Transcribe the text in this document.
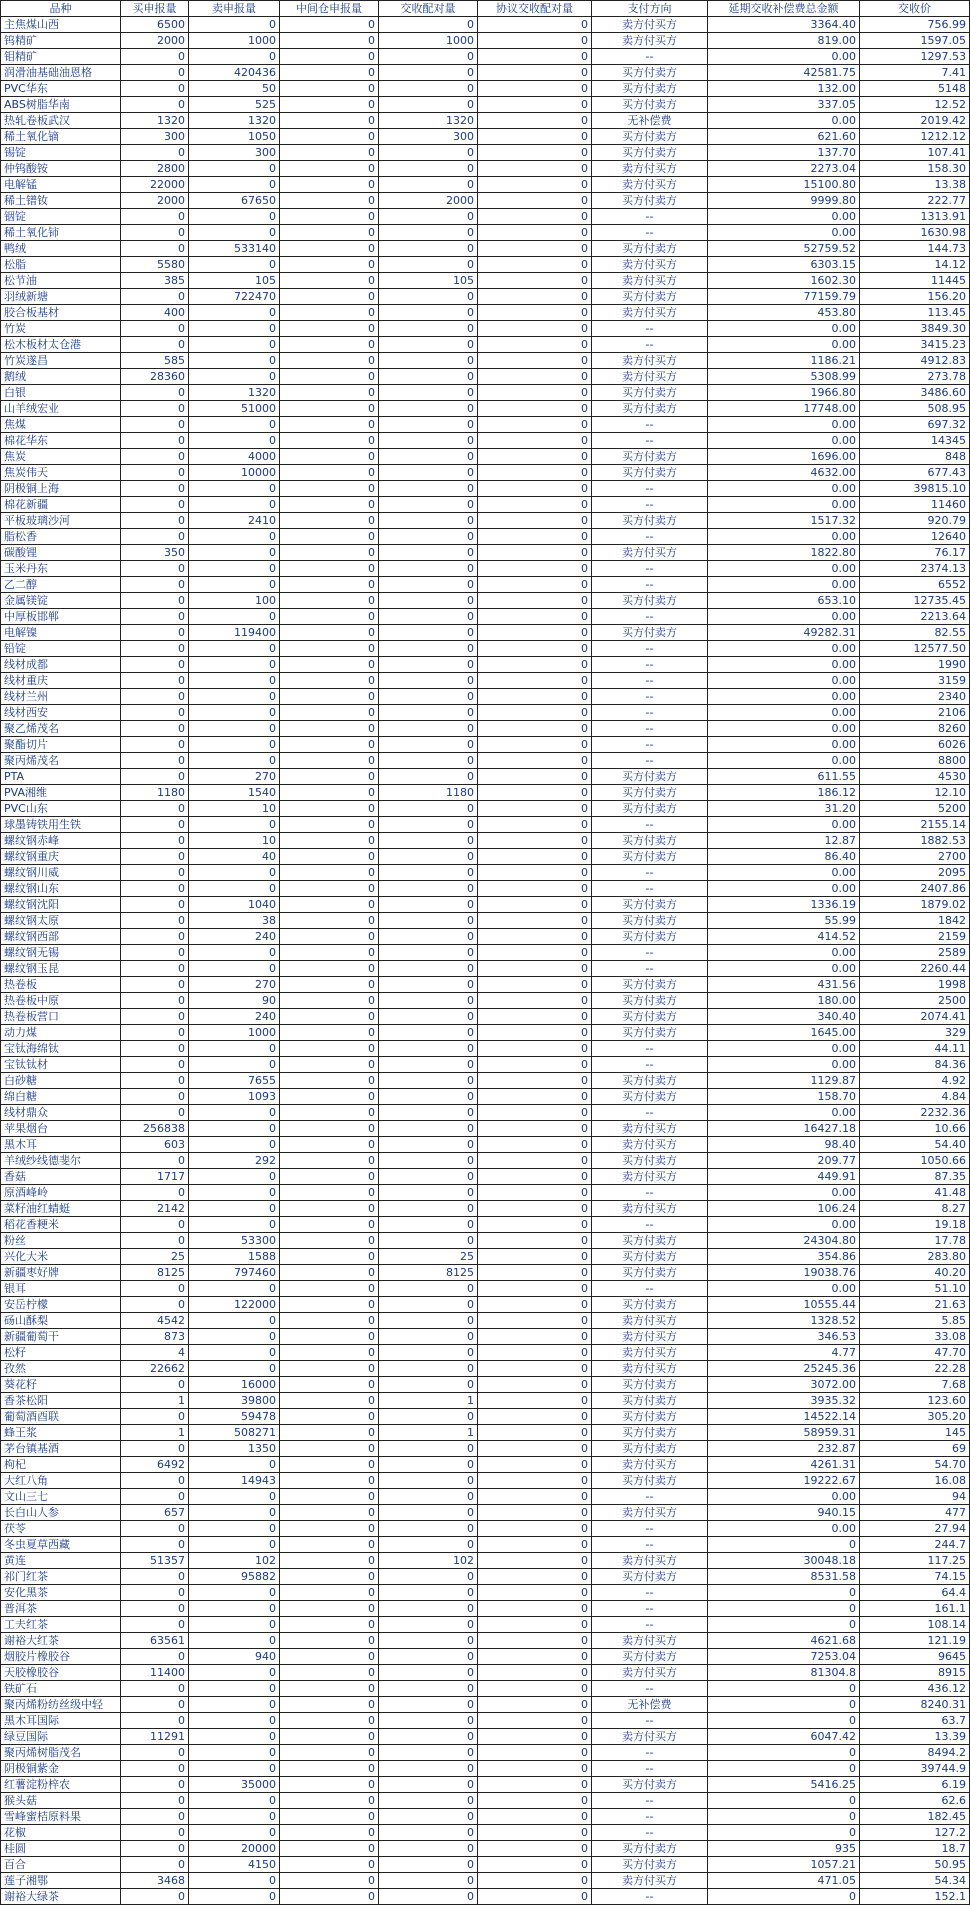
品种	买申报量	卖申报量	中间仓申报量	交收配对量	协议交收配对量	支付方向	延期交收补偿费总金额	交收价
主焦煤山西	6500	0	0	0	0	卖方付买方	3364.40	756.99
钨精矿	2000	1000	0	1000	0	卖方付买方	819.00	1597.05
钼精矿	0	0	0	0	0	--	0.00	1297.53
润滑油基础油恩格	0	420436	0	0	0	买方付卖方	42581.75	7.41
PVC华东	0	50	0	0	0	买方付卖方	132.00	5148
ABS树脂华南	0	525	0	0	0	买方付卖方	337.05	12.52
热轧卷板武汉	1320	1320	0	1320	0	无补偿费	0.00	2019.42
稀土氧化镝	300	1050	0	300	0	买方付卖方	621.60	1212.12
锡锭	0	300	0	0	0	买方付卖方	137.70	107.41
仲钨酸铵	2800	0	0	0	0	卖方付买方	2273.04	158.30
电解锰	22000	0	0	0	0	卖方付买方	15100.80	13.38
稀土镨钕	2000	67650	0	2000	0	买方付卖方	9999.80	222.77
铟锭	0	0	0	0	0	--	0.00	1313.91
稀土氧化铈	0	0	0	0	0	--	0.00	1630.98
鸭绒	0	533140	0	0	0	买方付卖方	52759.52	144.73
松脂	5580	0	0	0	0	卖方付买方	6303.15	14.12
松节油	385	105	0	105	0	卖方付买方	1602.30	11445
羽绒新塘	0	722470	0	0	0	买方付卖方	77159.79	156.20
胶合板基材	400	0	0	0	0	卖方付买方	453.80	113.45
竹炭	0	0	0	0	0	--	0.00	3849.30
松木板材太仓港	0	0	0	0	0	--	0.00	3415.23
竹炭遂昌	585	0	0	0	0	卖方付买方	1186.21	4912.83
鹅绒	28360	0	0	0	0	卖方付买方	5308.99	273.78
白银	0	1320	0	0	0	买方付卖方	1966.80	3486.60
山羊绒宏业	0	51000	0	0	0	买方付卖方	17748.00	508.95
焦煤	0	0	0	0	0	--	0.00	697.32
棉花华东	0	0	0	0	0	--	0.00	14345
焦炭	0	4000	0	0	0	买方付卖方	1696.00	848
焦炭伟天	0	10000	0	0	0	买方付卖方	4632.00	677.43
阴极铜上海	0	0	0	0	0	--	0.00	39815.10
棉花新疆	0	0	0	0	0	--	0.00	11460
平板玻璃沙河	0	2410	0	0	0	买方付卖方	1517.32	920.79
脂松香	0	0	0	0	0	--	0.00	12640
碳酸锂	350	0	0	0	0	卖方付买方	1822.80	76.17
玉米丹东	0	0	0	0	0	--	0.00	2374.13
乙二醇	0	0	0	0	0	--	0.00	6552
金属镁锭	0	100	0	0	0	买方付卖方	653.10	12735.45
中厚板邯郸	0	0	0	0	0	--	0.00	2213.64
电解镍	0	119400	0	0	0	买方付卖方	49282.31	82.55
铅锭	0	0	0	0	0	--	0.00	12577.50
线材成都	0	0	0	0	0	--	0.00	1990
线材重庆	0	0	0	0	0	--	0.00	3159
线材兰州	0	0	0	0	0	--	0.00	2340
线材西安	0	0	0	0	0	--	0.00	2106
聚乙烯茂名	0	0	0	0	0	--	0.00	8260
聚酯切片	0	0	0	0	0	--	0.00	6026
聚丙烯茂名	0	0	0	0	0	--	0.00	8800
PTA	0	270	0	0	0	买方付卖方	611.55	4530
PVA湘维	1180	1540	0	1180	0	买方付卖方	186.12	12.10
PVC山东	0	10	0	0	0	买方付卖方	31.20	5200
球墨铸铁用生铁	0	0	0	0	0	--	0.00	2155.14
螺纹钢赤峰	0	10	0	0	0	买方付卖方	12.87	1882.53
螺纹钢重庆	0	40	0	0	0	买方付卖方	86.40	2700
螺纹钢川威	0	0	0	0	0	--	0.00	2095
螺纹钢山东	0	0	0	0	0	--	0.00	2407.86
螺纹钢沈阳	0	1040	0	0	0	买方付卖方	1336.19	1879.02
螺纹钢太原	0	38	0	0	0	买方付卖方	55.99	1842
螺纹钢西部	0	240	0	0	0	买方付卖方	414.52	2159
螺纹钢无锡	0	0	0	0	0	--	0.00	2589
螺纹钢玉昆	0	0	0	0	0	--	0.00	2260.44
热卷板	0	270	0	0	0	买方付卖方	431.56	1998
热卷板中原	0	90	0	0	0	买方付卖方	180.00	2500
热卷板营口	0	240	0	0	0	买方付卖方	340.40	2074.41
动力煤	0	1000	0	0	0	买方付卖方	1645.00	329
宝钛海绵钛	0	0	0	0	0	--	0.00	44.11
宝钛钛材	0	0	0	0	0	--	0.00	84.36
白砂糖	0	7655	0	0	0	买方付卖方	1129.87	4.92
绵白糖	0	1093	0	0	0	买方付卖方	158.70	4.84
线材鼎众	0	0	0	0	0	--	0.00	2232.36
苹果烟台	256838	0	0	0	0	卖方付买方	16427.18	10.66
黑木耳	603	0	0	0	0	卖方付买方	98.40	54.40
羊绒纱线德斐尔	0	292	0	0	0	买方付卖方	209.77	1050.66
香菇	1717	0	0	0	0	卖方付买方	449.91	87.35
原酒峰岭	0	0	0	0	0	--	0.00	41.48
菜籽油红蜻蜓	2142	0	0	0	0	卖方付买方	106.24	8.27
稻花香粳米	0	0	0	0	0	--	0.00	19.18
粉丝	0	53300	0	0	0	买方付卖方	24304.80	17.78
兴化大米	25	1588	0	25	0	买方付卖方	354.86	283.80
新疆枣好牌	8125	797460	0	8125	0	买方付卖方	19038.76	40.20
银耳	0	0	0	0	0	--	0.00	51.10
安岳柠檬	0	122000	0	0	0	买方付卖方	10555.44	21.63
砀山酥梨	4542	0	0	0	0	卖方付买方	1328.52	5.85
新疆葡萄干	873	0	0	0	0	卖方付买方	346.53	33.08
松籽	4	0	0	0	0	卖方付买方	4.77	47.70
孜然	22662	0	0	0	0	卖方付买方	25245.36	22.28
葵花籽	0	16000	0	0	0	买方付卖方	3072.00	7.68
香茶松阳	1	39800	0	1	0	买方付卖方	3935.32	123.60
葡萄酒酉联	0	59478	0	0	0	买方付卖方	14522.14	305.20
蜂王浆	1	508271	0	1	0	买方付卖方	58959.31	145
茅台镇基酒	0	1350	0	0	0	买方付卖方	232.87	69
枸杞	6492	0	0	0	0	卖方付买方	4261.31	54.70
大红八角	0	14943	0	0	0	买方付卖方	19222.67	16.08
文山三七	0	0	0	0	0	--	0.00	94
长白山人参	657	0	0	0	0	卖方付买方	940.15	477
茯苓	0	0	0	0	0	--	0.00	27.94
冬虫夏草西藏	0	0	0	0	0	--	0	244.7
黄连	51357	102	0	102	0	卖方付买方	30048.18	117.25
祁门红茶	0	95882	0	0	0	买方付卖方	8531.58	74.15
安化黑茶	0	0	0	0	0	--	0	64.4
普洱茶	0	0	0	0	0	--	0	161.1
工夫红茶	0	0	0	0	0	--	0	108.14
谢裕大红茶	63561	0	0	0	0	卖方付买方	4621.68	121.19
烟胶片橡胶谷	0	940	0	0	0	买方付卖方	7253.04	9645
天胶橡胶谷	11400	0	0	0	0	卖方付买方	81304.8	8915
铁矿石	0	0	0	0	0	--	0	436.12
聚丙烯粉纺丝级中轻	0	0	0	0	0	无补偿费	0	8240.31
黑木耳国际	0	0	0	0	0	--	0	63.7
绿豆国际	11291	0	0	0	0	卖方付买方	6047.42	13.39
聚丙烯树脂茂名	0	0	0	0	0	--	0	8494.2
阴极铜紫金	0	0	0	0	0	--	0	39744.9
红薯淀粉梓农	0	35000	0	0	0	买方付卖方	5416.25	6.19
猴头菇	0	0	0	0	0	--	0	62.6
雪峰蜜桔原料果	0	0	0	0	0	--	0	182.45
花椒	0	0	0	0	0	--	0	127.2
桂圆	0	20000	0	0	0	买方付卖方	935	18.7
百合	0	4150	0	0	0	买方付卖方	1057.21	50.95
莲子湘鄂	3468	0	0	0	0	卖方付买方	471.05	54.34
谢裕大绿茶	0	0	0	0	0	--	0	152.1
